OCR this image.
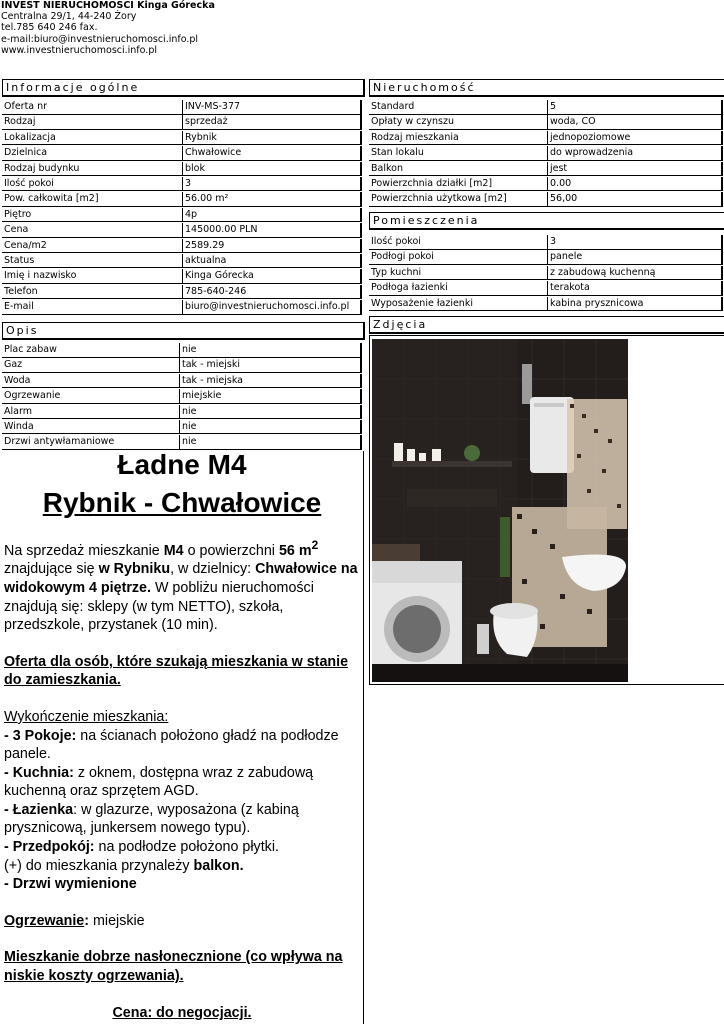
INVEST NIERUCHOMOŚCI Kinga Górecka
Centralna 29/1, 44-240 Żory
tel.785 640 246 fax.
e-mail:biuro@investnieruchomosci.info.pl
www.investnieruchomosci.info.pl
Informacje ogólne	Nieruchomość
Pomieszczenia
Zdjęcia
Opis
Oferta nr	INV-MS-377
Rodzaj	sprzedaż
Lokalizacja	Rybnik
Dzielnica	Chwałowice
Rodzaj budynku	blok
Ilość pokoi	3
Pow. całkowita [m2]	56.00 m²
Piętro	4p
Cena	145000.00 PLN
Cena/m2	2589.29
Status	aktualna
Imię i nazwisko	Kinga Górecka
Telefon	785-640-246
E-mail	biuro@investnieruchomosci.info.pl
Standard	5
Opłaty w czynszu	woda, CO
Rodzaj mieszkania	jednopoziomowe
Stan lokalu	do wprowadzenia
Balkon	jest
Powierzchnia działki [m2]	0.00
Powierzchnia użytkowa [m2]	56,00
Ilość pokoi	3
Podłogi pokoi	panele
Typ kuchni	z zabudową kuchenną
Podłoga łazienki	terakota
Wyposażenie łazienki	kabina prysznicowa
Plac zabaw	nie
Gaz	tak - miejski
Woda	tak - miejska
Ogrzewanie	miejskie
Alarm	nie
Winda	nie
Drzwi antywłamaniowe	nie
Ładne M4
Rybnik - Chwałowice

Na sprzedaż mieszkanie M4 o powierzchni 56 $m^2$ znajdujące się w Rybniku, w dzielnicy: Chwałowice na widokowym 4 piętrze. W pobliżu nieruchomości znajdują się: sklepy (w tym NETTO), szkoła, przedszkole, przystanek (10 min).

Oferta dla osób, które szukają mieszkania w stanie do zamieszkania.

Wykończenie mieszkania:

- 3 Pokoje: na ścianach położono gładź na podłodze panele.

- Kuchnia: z oknem, dostępna wraz z zabudową kuchenną oraz sprzętem AGD.

- Łazienka: w glazurze, wyposażona (z kabiną prysznicową, junkersem nowego typu).

- Przedpokój: na podłodze położono płytki.

(+) do mieszkania przynależy balkon.

- Drzwi wymienione

Ogrzewanie: miejskie

Mieszkanie dobrze nasłonecznione (co wpływa na niskie koszty ogrzewania).

Cena: do negocjacji.
